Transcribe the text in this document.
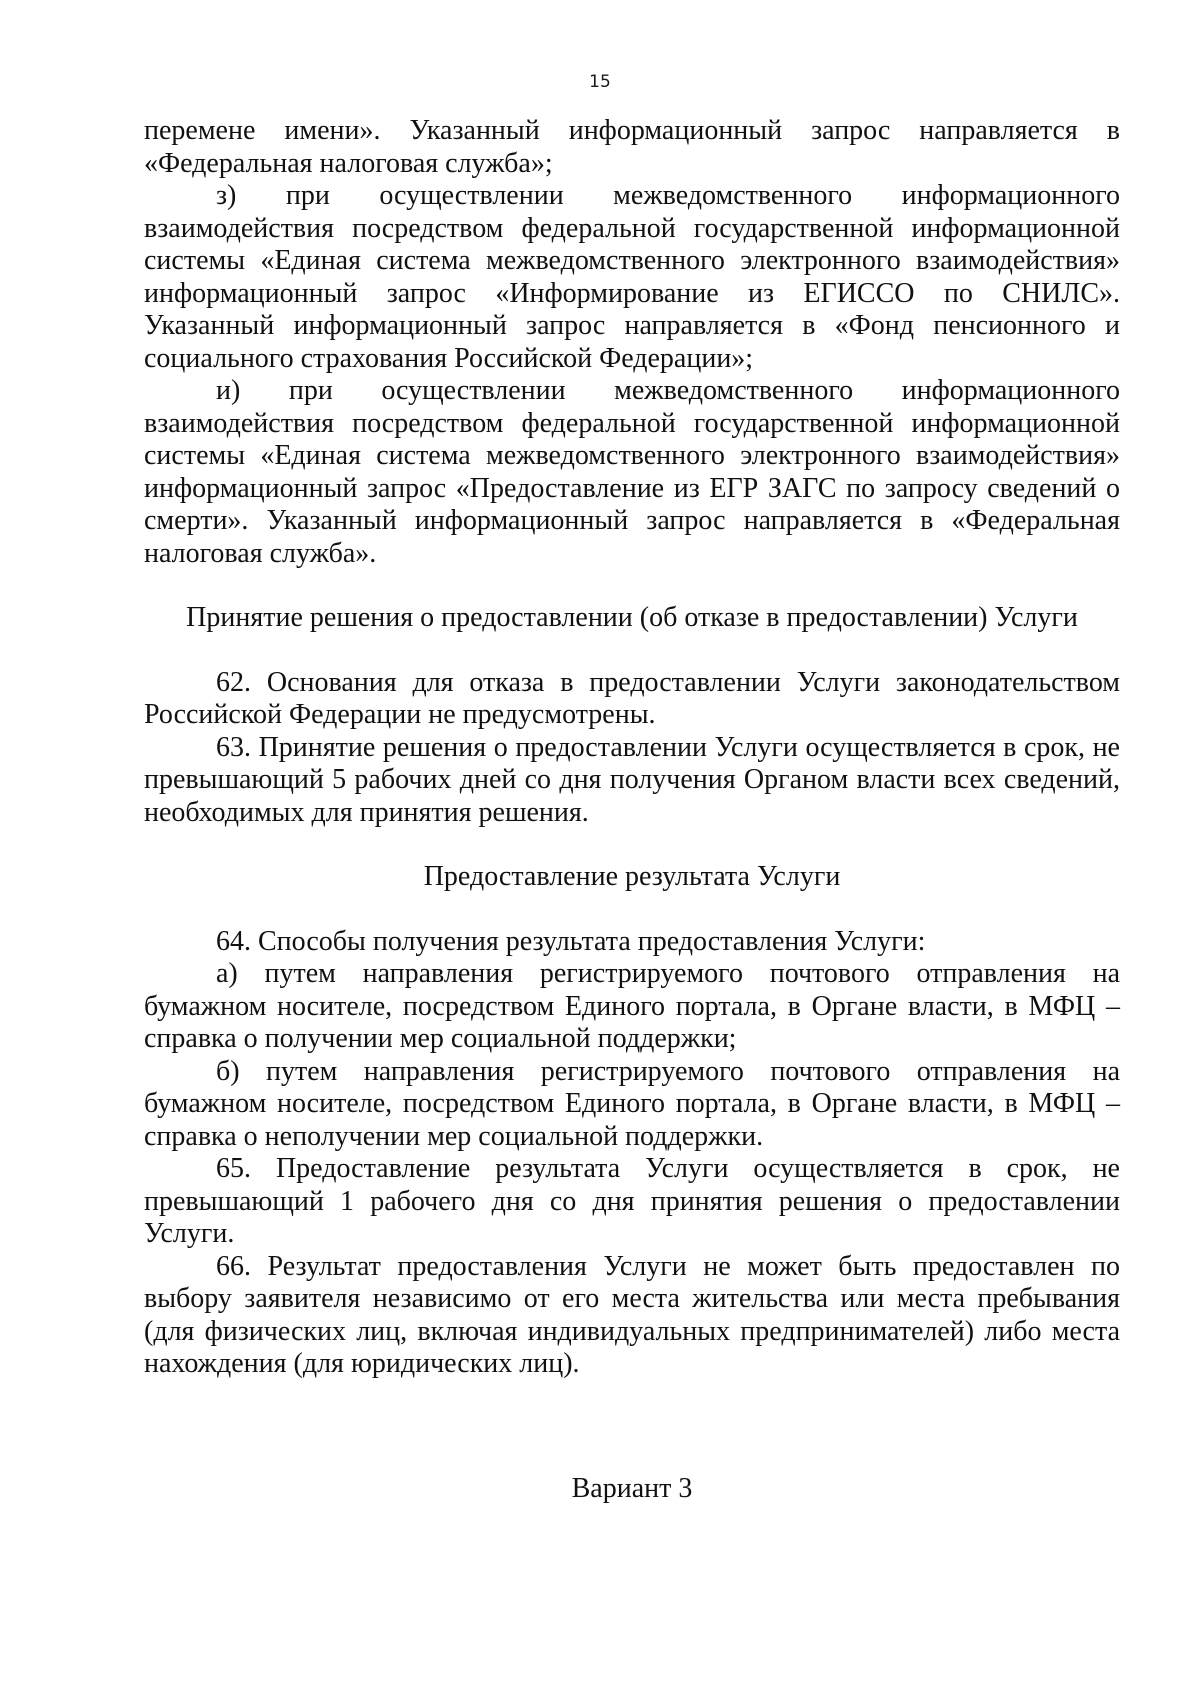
15

перемене имени». Указанный информационный запрос направляется в «Федеральная налоговая служба»;

з) при осуществлении межведомственного информационного взаимодействия посредством федеральной государственной информационной системы «Единая система межведомственного электронного взаимодействия» информационный запрос «Информирование из ЕГИССО по СНИЛС». Указанный информационный запрос направляется в «Фонд пенсионного и социального страхования Российской Федерации»;

и) при осуществлении межведомственного информационного взаимодействия посредством федеральной государственной информационной системы «Единая система межведомственного электронного взаимодействия» информационный запрос «Предоставление из ЕГР ЗАГС по запросу сведений о смерти». Указанный информационный запрос направляется в «Федеральная налоговая служба».

Принятие решения о предоставлении (об отказе в предоставлении) Услуги

62. Основания для отказа в предоставлении Услуги законодательством Российской Федерации не предусмотрены.

63. Принятие решения о предоставлении Услуги осуществляется в срок, не превышающий 5 рабочих дней со дня получения Органом власти всех сведений, необходимых для принятия решения.

Предоставление результата Услуги

64. Способы получения результата предоставления Услуги:

а) путем направления регистрируемого почтового отправления на бумажном носителе, посредством Единого портала, в Органе власти, в МФЦ – справка о получении мер социальной поддержки;

б) путем направления регистрируемого почтового отправления на бумажном носителе, посредством Единого портала, в Органе власти, в МФЦ – справка о неполучении мер социальной поддержки.

65. Предоставление результата Услуги осуществляется в срок, не превышающий 1 рабочего дня со дня принятия решения о предоставлении Услуги.

66. Результат предоставления Услуги не может быть предоставлен по выбору заявителя независимо от его места жительства или места пребывания (для физических лиц, включая индивидуальных предпринимателей) либо места нахождения (для юридических лиц).

Вариант 3
